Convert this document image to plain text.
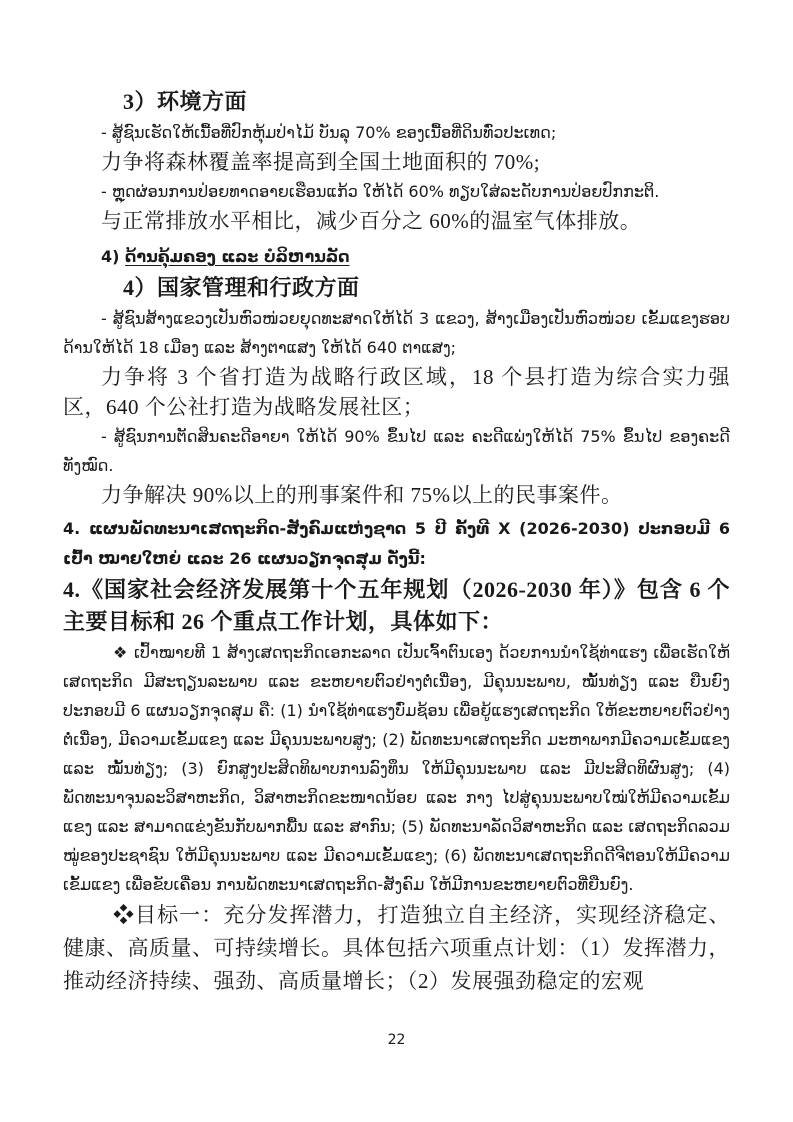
3）环境方面

- ສູ້ຊົນເຮັດໃຫ້ເນື້ອທີ່ປົກຫຸ້ມປ່າໄມ້ ບັນລຸ 70% ຂອງເນື້ອທີ່ດິນທົ່ວປະເທດ;

力争将森林覆盖率提高到全国土地面积的 70%;

- ຫຼຸດຜ່ອນການປ່ອຍທາດອາຍເຮືອນແກ້ວ ໃຫ້ໄດ້ 60% ທຽບໃສ່ລະດັບການປ່ອຍປົກກະຕິ.

与正常排放水平相比，减少百分之 60%的温室气体排放。

4) ດ້ານຄຸ້ມຄອງ ແລະ ບໍລິຫານລັດ

4）国家管理和行政方面

- ສູ້ຊົນສ້າງແຂວງເປັນຫົວໜ່ວຍຍຸດທະສາດໃຫ້ໄດ້ 3 ແຂວງ, ສ້າງເມືອງເປັນຫົວໜ່ວຍ ເຂັ້ມແຂງຮອບດ້ານໃຫ້ໄດ້ 18 ເມືອງ ແລະ ສ້າງຕາແສງ ໃຫ້ໄດ້ 640 ຕາແສງ;

力争将 3 个省打造为战略行政区域，18 个县打造为综合实力强区，640 个公社打造为战略发展社区；

- ສູ້ຊົນການຕັດສິນຄະດີອາຍາ ໃຫ້ໄດ້ 90% ຂຶ້ນໄປ ແລະ ຄະດີແພ່ງໃຫ້ໄດ້ 75% ຂຶ້ນໄປ ຂອງຄະດີທັງໝົດ.

力争解决 90%以上的刑事案件和 75%以上的民事案件。

4. ແຜນພັດທະນາເສດຖະກິດ-ສັງຄົມແຫ່ງຊາດ 5 ປີ ຄັ້ງທີ X (2026-2030) ປະກອບມີ 6 ເປົ້າ ໝາຍໃຫຍ່ ແລະ 26 ແຜນວຽກຈຸດສຸມ ດັ່ງນີ້:

4.《国家社会经济发展第十个五年规划（2026-2030 年）》包含 6 个主要目标和 26 个重点工作计划，具体如下：

❖ ເປົ້າໝາຍທີ 1 ສ້າງເສດຖະກິດເອກະລາດ ເປັນເຈົ້າຕົນເອງ ດ້ວຍການນຳໃຊ້ທ່າແຮງ ເພື່ອເຮັດໃຫ້ເສດຖະກິດ ມີສະຖຽນລະພາບ ແລະ ຂະຫຍາຍຕົວຢ່າງຕໍ່ເນື່ອງ, ມີຄຸນນະພາບ, ໝັ້ນທ່ຽງ ແລະ ຍືນຍົງ ປະກອບມີ 6 ແຜນວຽກຈຸດສຸມ ຄື: (1) ນຳໃຊ້ທ່າແຮງບົ່ມຊ້ອນ ເພື່ອຍູ້ແຮງເສດຖະກິດ ໃຫ້ຂະຫຍາຍຕົວຢ່າງຕໍ່ເນື່ອງ, ມີຄວາມເຂັ້ມແຂງ ແລະ ມີຄຸນນະພາບສູງ; (2) ພັດທະນາເສດຖະກິດ ມະຫາພາກມີຄວາມເຂັ້ມແຂງ ແລະ ໝັ້ນທ່ຽງ; (3) ຍົກສູງປະສິດທິພາບການລົງທຶນ ໃຫ້ມີຄຸນນະພາບ ແລະ ມີປະສິດທິຜົນສູງ; (4) ພັດທະນາຈຸນລະວິສາຫະກິດ, ວິສາຫະກິດຂະໜາດນ້ອຍ ແລະ ກາງ ໄປສູ່ຄຸນນະພາບໃໝ່ໃຫ້ມີຄວາມເຂັ້ມແຂງ ແລະ ສາມາດແຂ່ງຂັນກັບພາກພື້ນ ແລະ ສາກົນ; (5) ພັດທະນາລັດວິສາຫະກິດ ແລະ ເສດຖະກິດລວມໝູ່ຂອງປະຊາຊົນ ໃຫ້ມີຄຸນນະພາບ ແລະ ມີຄວາມເຂັ້ມແຂງ; (6) ພັດທະນາເສດຖະກິດດີຈີຕອນໃຫ້ມີຄວາມເຂັ້ມແຂງ ເພື່ອຂັບເຄື່ອນ ການພັດທະນາເສດຖະກິດ-ສັງຄົມ ໃຫ້ມີການຂະຫຍາຍຕົວທີ່ຍືນຍົງ.

❖目标一：充分发挥潜力，打造独立自主经济，实现经济稳定、健康、高质量、可持续增长。具体包括六项重点计划：（1）发挥潜力，推动经济持续、强劲、高质量增长；（2）发展强劲稳定的宏观

22
